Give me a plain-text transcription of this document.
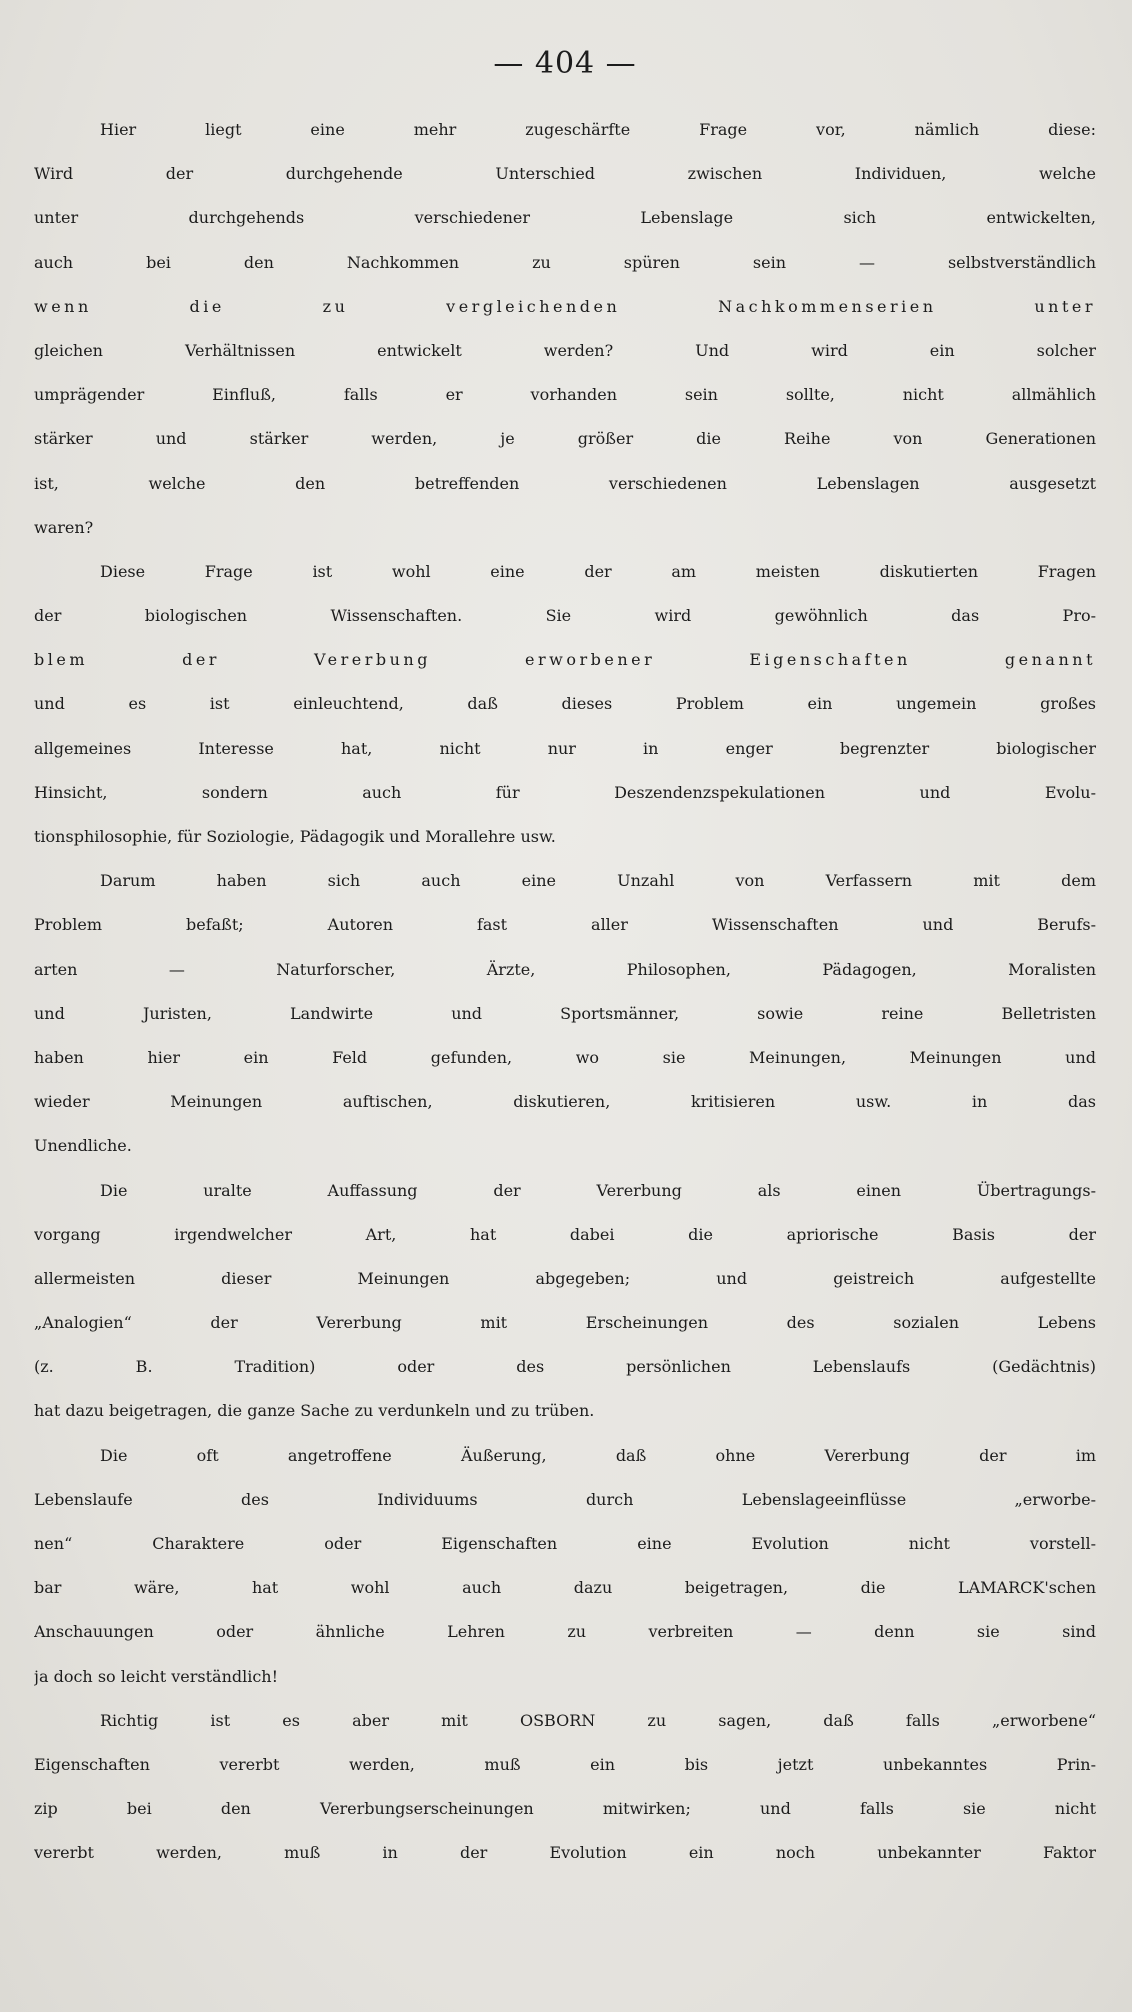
— 404 —
Hier liegt eine mehr zugeschärfte Frage vor, nämlich diese:
Wird der durchgehende Unterschied zwischen Individuen, welche
unter durchgehends verschiedener Lebenslage sich entwickelten,
auch bei den Nachkommen zu spüren sein — selbstverständlich
wenn die zu vergleichenden Nachkommenserien unter
gleichen Verhältnissen entwickelt werden? Und wird ein solcher
umprägender Einfluß, falls er vorhanden sein sollte, nicht allmählich
stärker und stärker werden, je größer die Reihe von Generationen
ist, welche den betreffenden verschiedenen Lebenslagen ausgesetzt
waren?
Diese Frage ist wohl eine der am meisten diskutierten Fragen
der biologischen Wissenschaften. Sie wird gewöhnlich das Pro-
blem der Vererbung erworbener Eigenschaften genannt
und es ist einleuchtend, daß dieses Problem ein ungemein großes
allgemeines Interesse hat, nicht nur in enger begrenzter biologischer
Hinsicht, sondern auch für Deszendenzspekulationen und Evolu-
tionsphilosophie, für Soziologie, Pädagogik und Morallehre usw.
Darum haben sich auch eine Unzahl von Verfassern mit dem
Problem befaßt; Autoren fast aller Wissenschaften und Berufs-
arten — Naturforscher, Ärzte, Philosophen, Pädagogen, Moralisten
und Juristen, Landwirte und Sportsmänner, sowie reine Belletristen
haben hier ein Feld gefunden, wo sie Meinungen, Meinungen und
wieder Meinungen auftischen, diskutieren, kritisieren usw. in das
Unendliche.
Die uralte Auffassung der Vererbung als einen Übertragungs-
vorgang irgendwelcher Art, hat dabei die apriorische Basis der
allermeisten dieser Meinungen abgegeben; und geistreich aufgestellte
„Analogien“ der Vererbung mit Erscheinungen des sozialen Lebens
(z. B. Tradition) oder des persönlichen Lebenslaufs (Gedächtnis)
hat dazu beigetragen, die ganze Sache zu verdunkeln und zu trüben.
Die oft angetroffene Äußerung, daß ohne Vererbung der im
Lebenslaufe des Individuums durch Lebenslageeinflüsse „erworbe-
nen“ Charaktere oder Eigenschaften eine Evolution nicht vorstell-
bar wäre, hat wohl auch dazu beigetragen, die LAMARCK'schen
Anschauungen oder ähnliche Lehren zu verbreiten — denn sie sind
ja doch so leicht verständlich!
Richtig ist es aber mit OSBORN zu sagen, daß falls „erworbene“
Eigenschaften vererbt werden, muß ein bis jetzt unbekanntes Prin-
zip bei den Vererbungserscheinungen mitwirken; und falls sie nicht
vererbt werden, muß in der Evolution ein noch unbekannter Faktor
